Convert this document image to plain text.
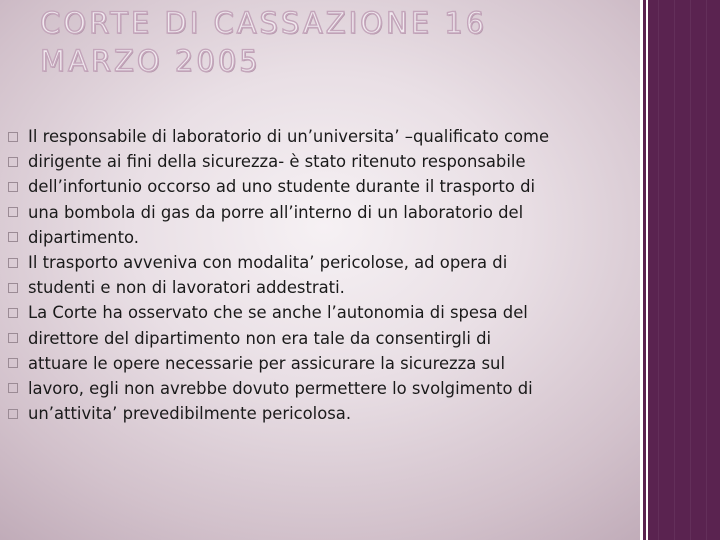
CORTE DI CASSAZIONE 16 MARZO 2005
Il responsabile di laboratorio di un’universita’ –qualificato come
dirigente ai fini della sicurezza- è stato ritenuto responsabile
dell’infortunio occorso ad uno studente durante il trasporto di
una bombola di gas da porre all’interno di un laboratorio del
dipartimento.
Il trasporto avveniva con modalita’ pericolose, ad opera di
studenti e non di lavoratori addestrati.
La Corte ha osservato che se anche l’autonomia di spesa del
direttore del dipartimento non era tale da consentirgli di
attuare le opere necessarie per assicurare la sicurezza sul
lavoro, egli non avrebbe dovuto permettere lo svolgimento di
un’attivita’ prevedibilmente pericolosa.
